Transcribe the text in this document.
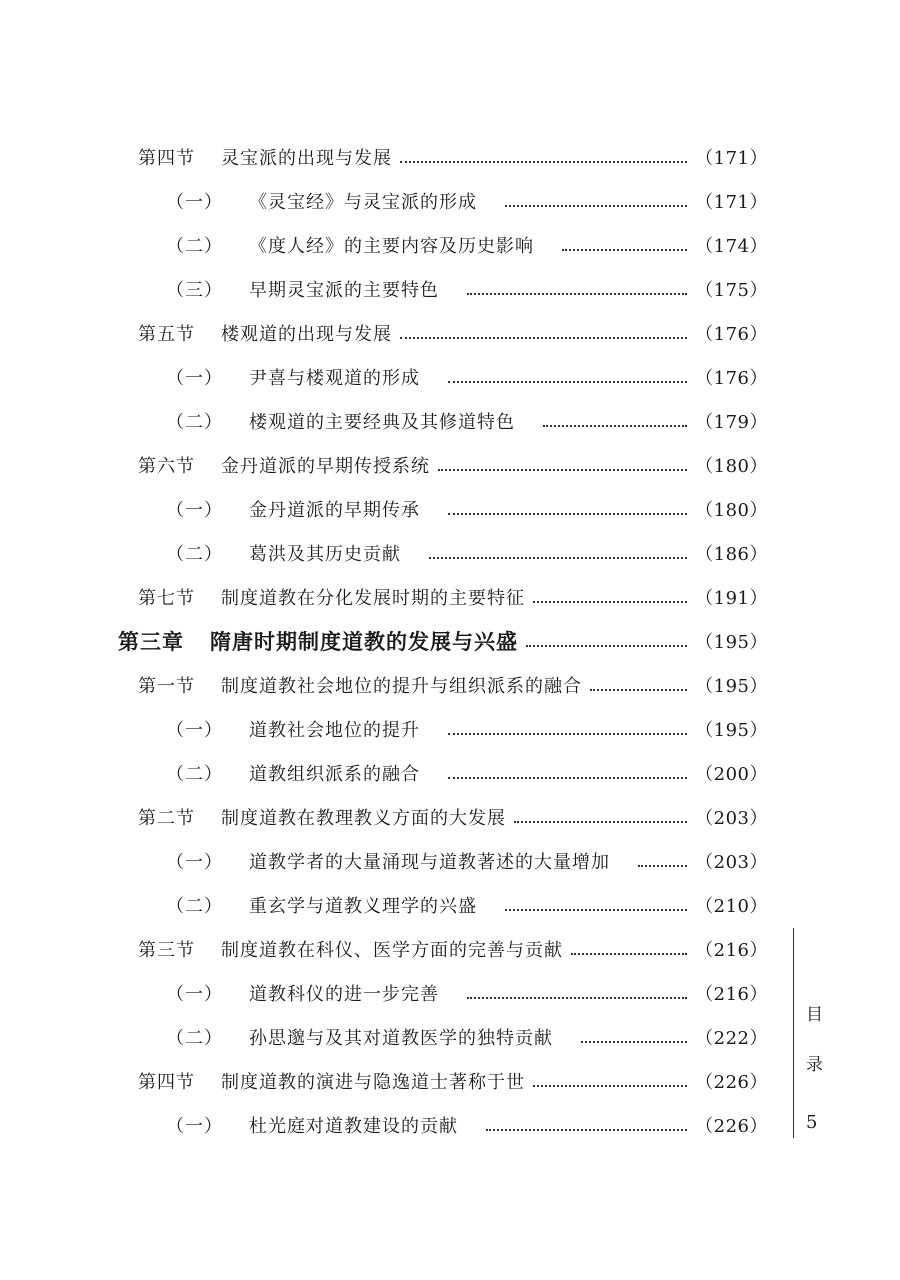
第四节 灵宝派的出现与发展	（171）
（一） 《灵宝经》与灵宝派的形成	（171）
（二） 《度人经》的主要内容及历史影响	（174）
（三） 早期灵宝派的主要特色	（175）
第五节 楼观道的出现与发展	（176）
（一） 尹喜与楼观道的形成	（176）
（二） 楼观道的主要经典及其修道特色	（179）
第六节 金丹道派的早期传授系统	（180）
（一） 金丹道派的早期传承	（180）
（二） 葛洪及其历史贡献	（186）
第七节 制度道教在分化发展时期的主要特征	（191）
第三章 隋唐时期制度道教的发展与兴盛	（195）
第一节 制度道教社会地位的提升与组织派系的融合	（195）
（一） 道教社会地位的提升	（195）
（二） 道教组织派系的融合	（200）
第二节 制度道教在教理教义方面的大发展	（203）
（一） 道教学者的大量涌现与道教著述的大量增加	（203）
（二） 重玄学与道教义理学的兴盛	（210）
第三节 制度道教在科仪、医学方面的完善与贡献	（216）
（一） 道教科仪的进一步完善	（216）
（二） 孙思邈与及其对道教医学的独特贡献	（222）
第四节 制度道教的演进与隐逸道士著称于世	（226）
（一） 杜光庭对道教建设的贡献	（226）
目
录
5
